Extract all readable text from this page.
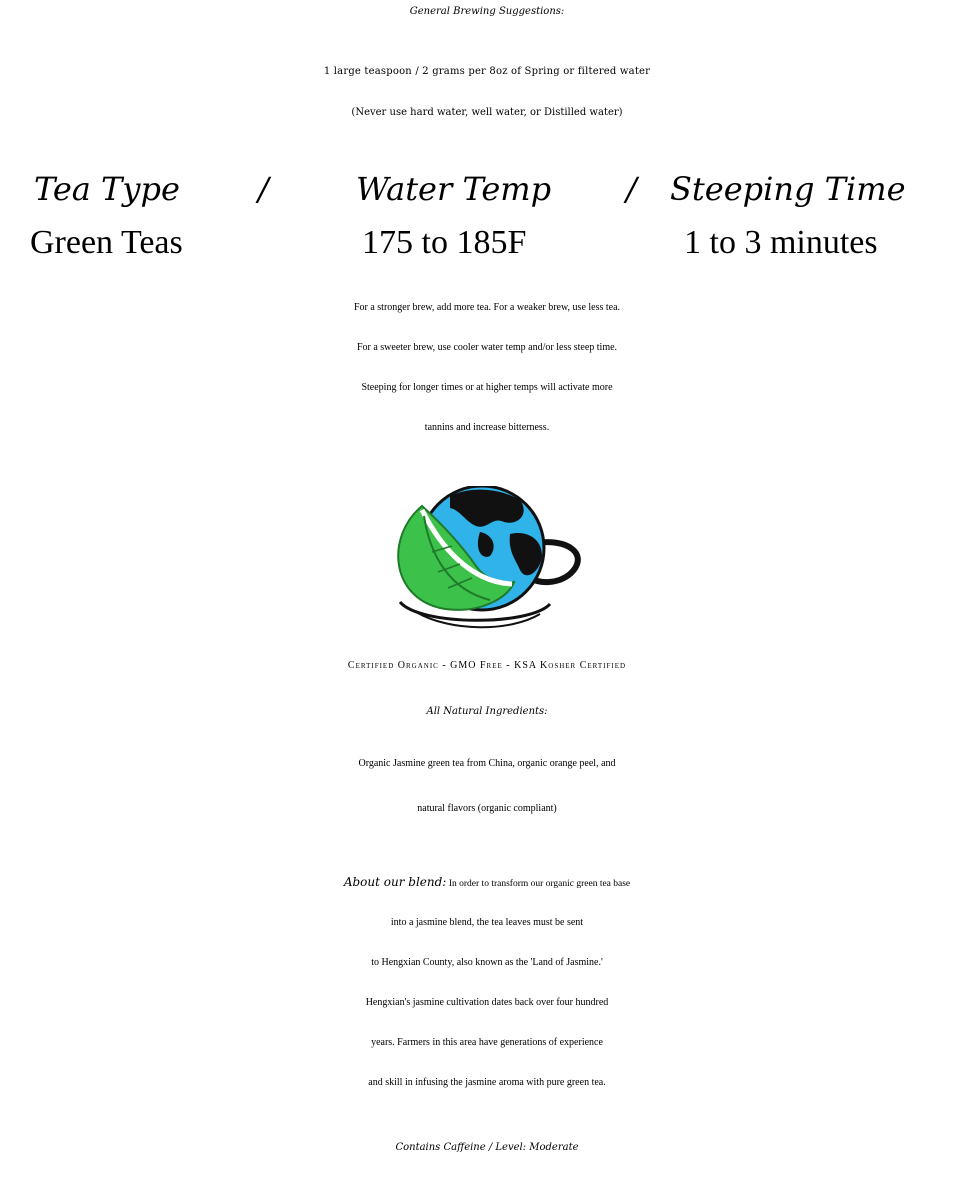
General Brewing Suggestions:
1 large teaspoon / 2 grams per 8oz of Spring or filtered water
(Never use hard water, well water, or Distilled water)
Tea Type /	Water Temp / Steeping Time
Green Teas	175 to 185F	1 to 3 minutes
For a stronger brew, add more tea. For a weaker brew, use less tea.
For a sweeter brew, use cooler water temp and/or less steep time.
Steeping for longer times or at higher temps will activate more
tannins and increase bitterness.
Certified Organic - GMO Free - KSA Kosher Certified
All Natural Ingredients:
Organic Jasmine green tea from China, organic orange peel, and
natural flavors (organic compliant)
About our blend: In order to transform our organic green tea base
into a jasmine blend, the tea leaves must be sent
to Hengxian County, also known as the 'Land of Jasmine.'
Hengxian's jasmine cultivation dates back over four hundred
years. Farmers in this area have generations of experience
and skill in infusing the jasmine aroma with pure green tea.
Contains Caffeine / Level: Moderate
